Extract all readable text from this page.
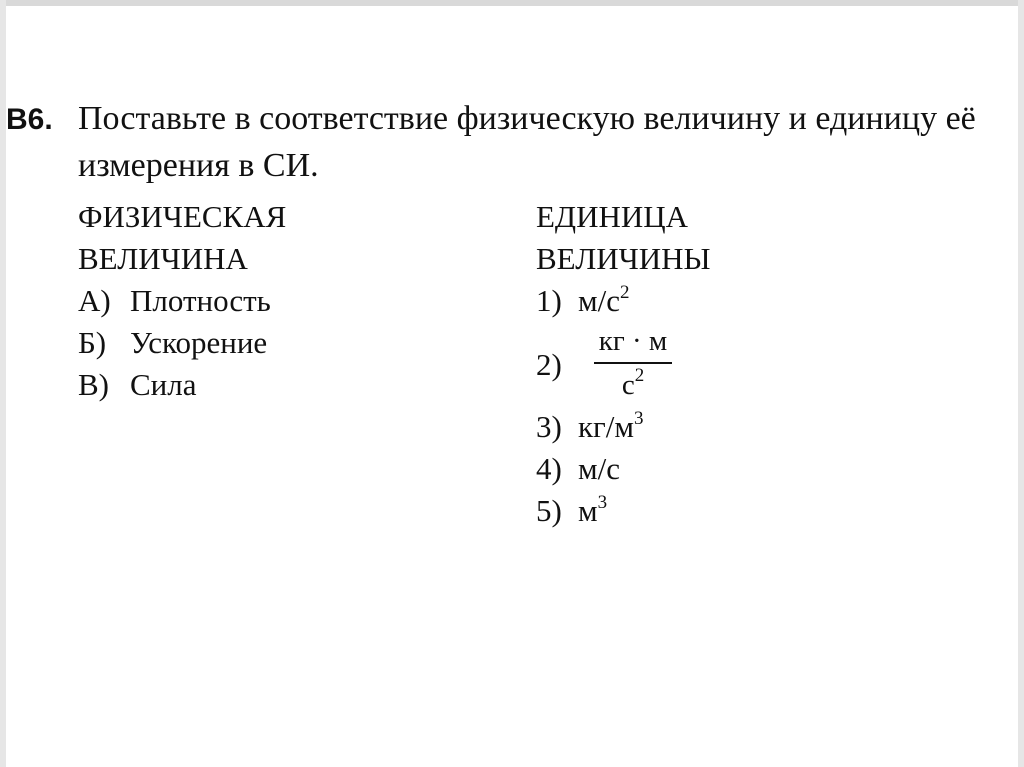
B6. Поставьте в соответствие физическую величину и единицу её
измерения в СИ.
ФИЗИЧЕСКАЯ
ВЕЛИЧИНА
А) Плотность
Б) Ускорение
В) Сила
ЕДИНИЦА
ВЕЛИЧИНЫ
1) $м/с^2$
2)
кг · м
$с^2$
3) $кг/м^3$
4) м/с
5) $м^3$
